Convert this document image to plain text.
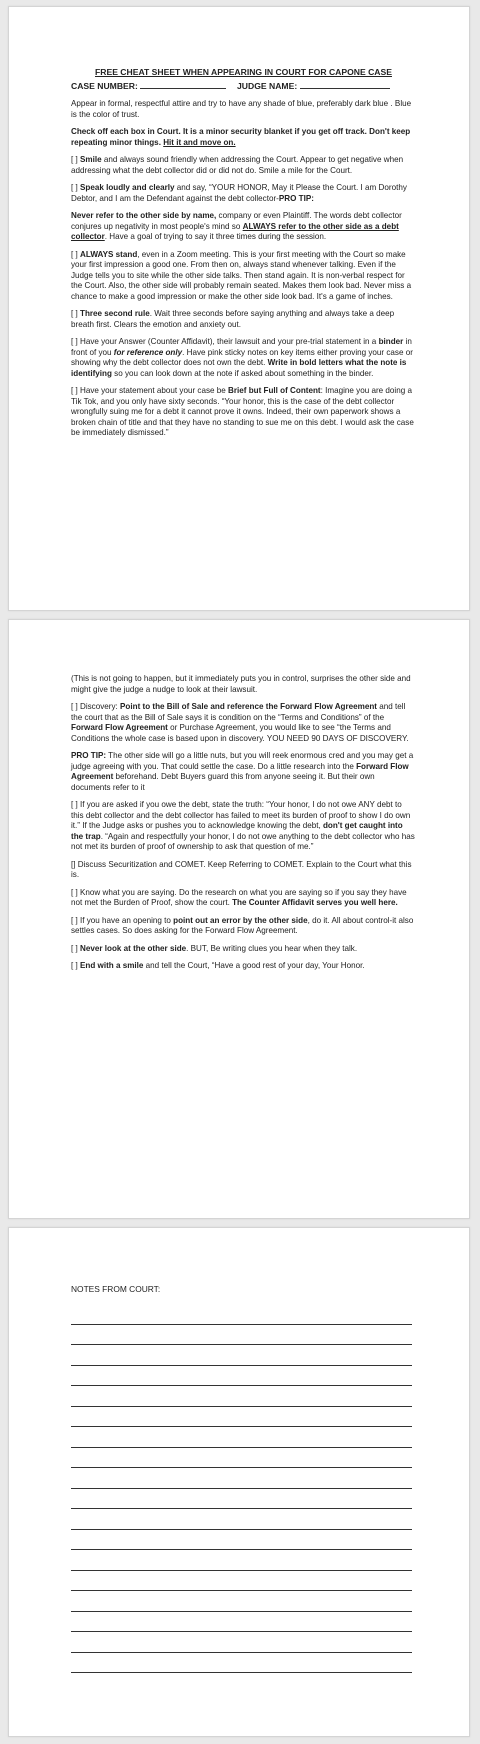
FREE CHEAT SHEET WHEN APPEARING IN COURT FOR CAPONE CASE
CASE NUMBER:	JUDGE NAME:

Appear in formal, respectful attire and try to have any shade of blue, preferably dark blue . Blue is the color of trust.

Check off each box in Court. It is a minor security blanket if you get off track. Don't keep repeating minor things. Hit it and move on.

[ ] Smile and always sound friendly when addressing the Court. Appear to get negative when addressing what the debt collector did or did not do. Smile a mile for the Court.

[ ] Speak loudly and clearly and say, “YOUR HONOR, May it Please the Court. I am Dorothy Debtor, and I am the Defendant against the debt collector-PRO TIP:

Never refer to the other side by name, company or even Plaintiff. The words debt collector conjures up negativity in most people's mind so ALWAYS refer to the other side as a debt collector. Have a goal of trying to say it three times during the session.

[ ] ALWAYS stand, even in a Zoom meeting. This is your first meeting with the Court so make your first impression a good one. From then on, always stand whenever talking. Even if the Judge tells you to site while the other side talks. Then stand again. It is non-verbal respect for the Court. Also, the other side will probably remain seated. Makes them look bad. Never miss a chance to make a good impression or make the other side look bad. It's a game of inches.

[ ] Three second rule. Wait three seconds before saying anything and always take a deep breath first. Clears the emotion and anxiety out.

[ ] Have your Answer (Counter Affidavit), their lawsuit and your pre-trial statement in a binder in front of you for reference only. Have pink sticky notes on key items either proving your case or showing why the debt collector does not own the debt. Write in bold letters what the note is identifying so you can look down at the note if asked about something in the binder.

[ ] Have your statement about your case be Brief but Full of Content: Imagine you are doing a Tik Tok, and you only have sixty seconds. “Your honor, this is the case of the debt collector wrongfully suing me for a debt it cannot prove it owns. Indeed, their own paperwork shows a broken chain of title and that they have no standing to sue me on this debt. I would ask the case be immediately dismissed.”

(This is not going to happen, but it immediately puts you in control, surprises the other side and might give the judge a nudge to look at their lawsuit.

[ ] Discovery: Point to the Bill of Sale and reference the Forward Flow Agreement and tell the court that as the Bill of Sale says it is condition on the “Terms and Conditions” of the Forward Flow Agreement or Purchase Agreement, you would like to see “the Terms and Conditions the whole case is based upon in discovery. YOU NEED 90 DAYS OF DISCOVERY.

PRO TIP: The other side will go a little nuts, but you will reek enormous cred and you may get a judge agreeing with you. That could settle the case. Do a little research into the Forward Flow Agreement beforehand. Debt Buyers guard this from anyone seeing it. But their own documents refer to it

[ ] If you are asked if you owe the debt, state the truth: “Your honor, I do not owe ANY debt to this debt collector and the debt collector has failed to meet its burden of proof to show I do own it.” If the Judge asks or pushes you to acknowledge knowing the debt, don't get caught into the trap. “Again and respectfully your honor, I do not owe anything to the debt collector who has not met its burden of proof of ownership to ask that question of me.”

[] Discuss Securitization and COMET. Keep Referring to COMET. Explain to the Court what this is.

[ ] Know what you are saying. Do the research on what you are saying so if you say they have not met the Burden of Proof, show the court. The Counter Affidavit serves you well here.

[ ] If you have an opening to point out an error by the other side, do it. All about control-it also settles cases. So does asking for the Forward Flow Agreement.

[ ] Never look at the other side. BUT, Be writing clues you hear when they talk.

[ ] End with a smile and tell the Court, “Have a good rest of your day, Your Honor.

NOTES FROM COURT:
